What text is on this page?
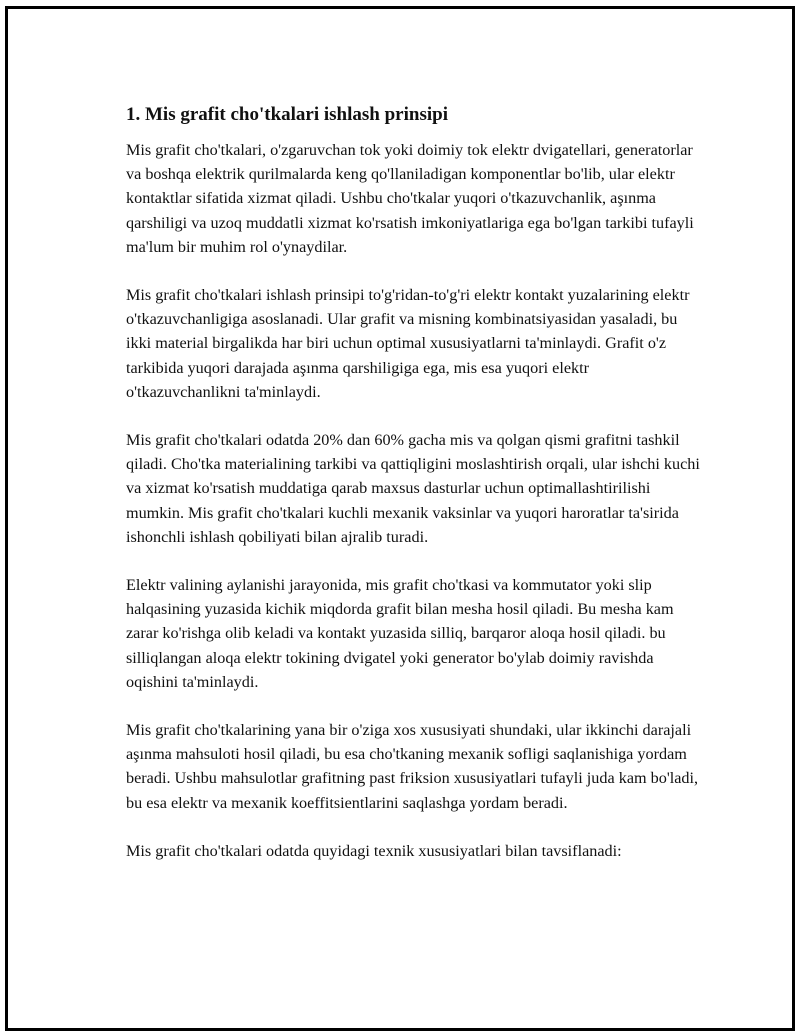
1. Mis grafit cho'tkalari ishlash prinsipi

Mis grafit cho'tkalari, o'zgaruvchan tok yoki doimiy tok elektr dvigatellari, generatorlar va boshqa elektrik qurilmalarda keng qo'llaniladigan komponentlar bo'lib, ular elektr kontaktlar sifatida xizmat qiladi. Ushbu cho'tkalar yuqori o'tkazuvchanlik, aşınma qarshiligi va uzoq muddatli xizmat ko'rsatish imkoniyatlariga ega bo'lgan tarkibi tufayli ma'lum bir muhim rol o'ynaydilar.

Mis grafit cho'tkalari ishlash prinsipi to'g'ridan-to'g'ri elektr kontakt yuzalarining elektr o'tkazuvchanligiga asoslanadi. Ular grafit va misning kombinatsiyasidan yasaladi, bu ikki material birgalikda har biri uchun optimal xususiyatlarni ta'minlaydi. Grafit o'z tarkibida yuqori darajada aşınma qarshiligiga ega, mis esa yuqori elektr o'tkazuvchanlikni ta'minlaydi.

Mis grafit cho'tkalari odatda 20% dan 60% gacha mis va qolgan qismi grafitni tashkil qiladi. Cho'tka materialining tarkibi va qattiqligini moslashtirish orqali, ular ishchi kuchi va xizmat ko'rsatish muddatiga qarab maxsus dasturlar uchun optimallashtirilishi mumkin. Mis grafit cho'tkalari kuchli mexanik vaksinlar va yuqori haroratlar ta'sirida ishonchli ishlash qobiliyati bilan ajralib turadi.

Elektr valining aylanishi jarayonida, mis grafit cho'tkasi va kommutator yoki slip halqasining yuzasida kichik miqdorda grafit bilan mesha hosil qiladi. Bu mesha kam zarar ko'rishga olib keladi va kontakt yuzasida silliq, barqaror aloqa hosil qiladi. bu silliqlangan aloqa elektr tokining dvigatel yoki generator bo'ylab doimiy ravishda oqishini ta'minlaydi.

Mis grafit cho'tkalarining yana bir o'ziga xos xususiyati shundaki, ular ikkinchi darajali aşınma mahsuloti hosil qiladi, bu esa cho'tkaning mexanik sofligi saqlanishiga yordam beradi. Ushbu mahsulotlar grafitning past friksion xususiyatlari tufayli juda kam bo'ladi, bu esa elektr va mexanik koeffitsientlarini saqlashga yordam beradi.

Mis grafit cho'tkalari odatda quyidagi texnik xususiyatlari bilan tavsiflanadi:
